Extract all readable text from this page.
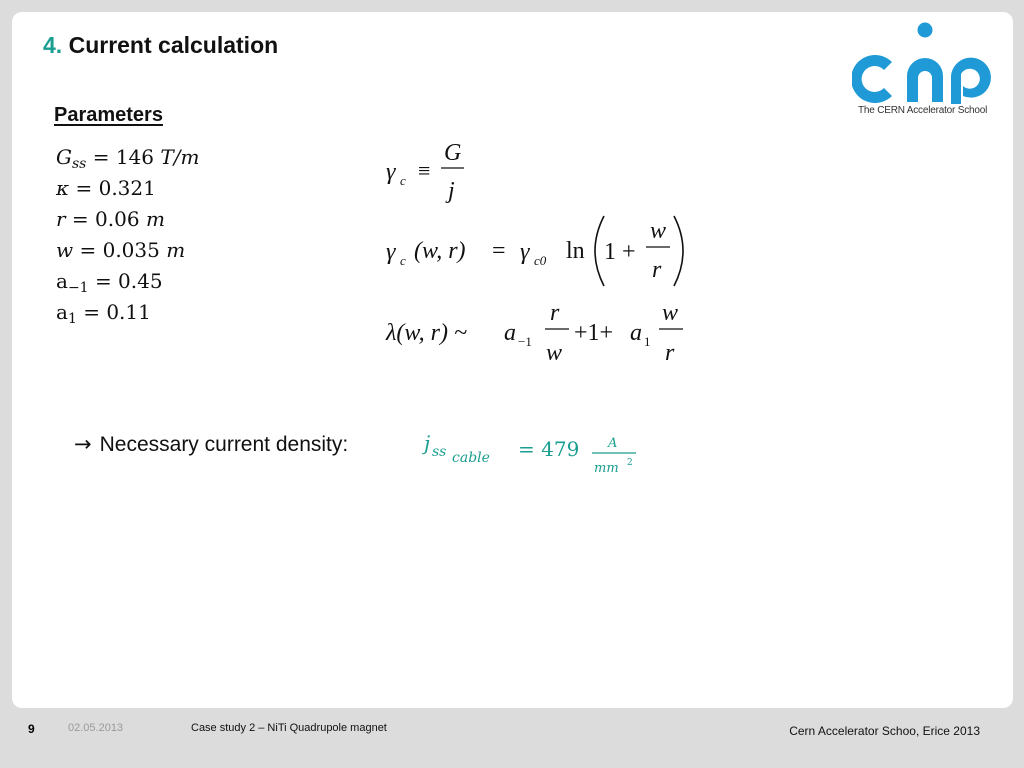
4. Current calculation
The CERN Accelerator School
Parameters
$G_{ss} = 146$ T/m
κ = 0.321
r = 0.06 m
w = 0.035 m
$a_{-1} = 0.45$
$a_1 = 0.11$
γ c ≡
G
j
γ c (w, r) = γ c0 ln 1 +
w
r
λ(w, r) ~ a −1
r
w
+1+ a 1
w
r
→ Necessary current density:	j ss cable = 479 A
mm 2
9	02.05.2013	Case study 2 – NiTi Quadrupole magnet	Cern Accelerator Schoo, Erice 2013
